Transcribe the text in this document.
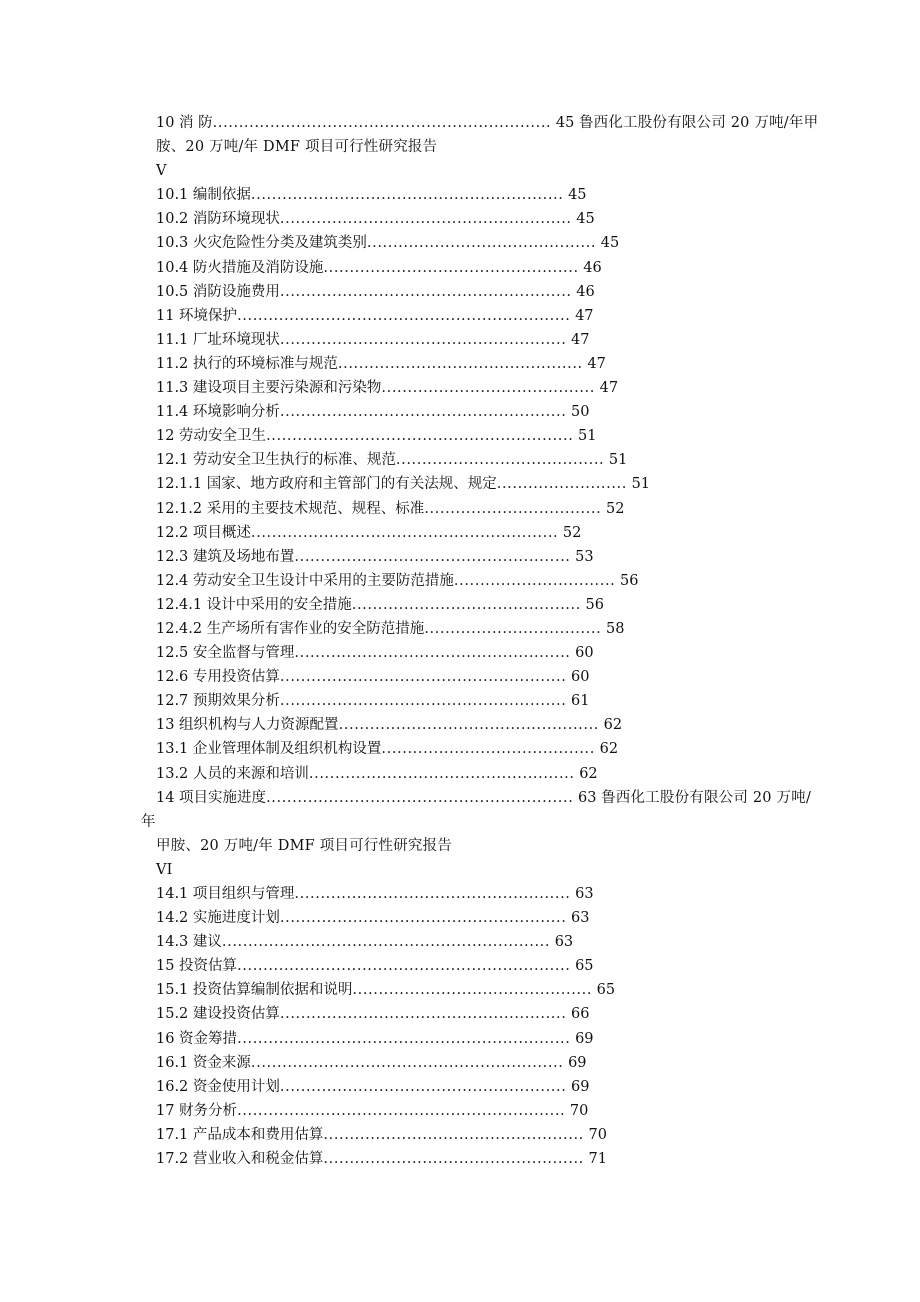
10 消 防................................................................. 45 鲁西化工股份有限公司 20 万吨/年甲
胺、20 万吨/年 DMF 项目可行性研究报告
V
10.1 编制依据............................................................ 45
10.2 消防环境现状........................................................ 45
10.3 火灾危险性分类及建筑类别............................................ 45
10.4 防火措施及消防设施................................................. 46
10.5 消防设施费用........................................................ 46
11 环境保护................................................................ 47
11.1 厂址环境现状....................................................... 47
11.2 执行的环境标准与规范............................................... 47
11.3 建设项目主要污染源和污染物......................................... 47
11.4 环境影响分析....................................................... 50
12 劳动安全卫生........................................................... 51
12.1 劳动安全卫生执行的标准、规范........................................ 51
12.1.1 国家、地方政府和主管部门的有关法规、规定......................... 51
12.1.2 采用的主要技术规范、规程、标准.................................. 52
12.2 项目概述........................................................... 52
12.3 建筑及场地布置..................................................... 53
12.4 劳动安全卫生设计中采用的主要防范措施............................... 56
12.4.1 设计中采用的安全措施............................................ 56
12.4.2 生产场所有害作业的安全防范措施.................................. 58
12.5 安全监督与管理..................................................... 60
12.6 专用投资估算....................................................... 60
12.7 预期效果分析....................................................... 61
13 组织机构与人力资源配置.................................................. 62
13.1 企业管理体制及组织机构设置......................................... 62
13.2 人员的来源和培训................................................... 62
14 项目实施进度........................................................... 63 鲁西化工股份有限公司 20 万吨/
年
甲胺、20 万吨/年 DMF 项目可行性研究报告
VI
14.1 项目组织与管理..................................................... 63
14.2 实施进度计划....................................................... 63
14.3 建议............................................................... 63
15 投资估算................................................................ 65
15.1 投资估算编制依据和说明.............................................. 65
15.2 建设投资估算....................................................... 66
16 资金筹措................................................................ 69
16.1 资金来源............................................................ 69
16.2 资金使用计划....................................................... 69
17 财务分析............................................................... 70
17.1 产品成本和费用估算.................................................. 70
17.2 营业收入和税金估算.................................................. 71
